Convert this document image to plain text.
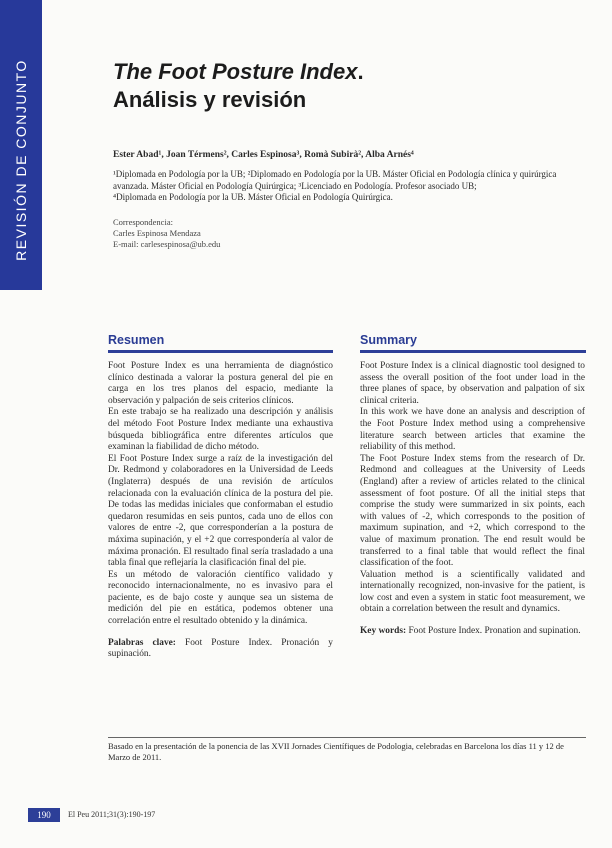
REVISIÓN DE CONJUNTO	The Foot Posture Index.
Análisis y revisión
Ester Abad¹, Joan Térmens², Carles Espinosa³, Romà Subirà², Alba Arnés⁴

¹Diplomada en Podología por la UB; ²Diplomado en Podología por la UB. Máster Oficial en Podología clínica y quirúrgica avanzada. Máster Oficial en Podología Quirúrgica; ³Licenciado en Podología. Profesor asociado UB;

⁴Diplomada en Podología por la UB. Máster Oficial en Podología Quirúrgica.

Correspondencia:

Carles Espinosa Mendaza

E-mail: carlesespinosa@ub.edu

Resumen	Summary

Foot Posture Index es una herramienta de diagnóstico clínico destinada a valorar la postura general del pie en carga en los tres planos del espacio, mediante la observación y palpación de seis criterios clínicos.

En este trabajo se ha realizado una descripción y análisis del método Foot Posture Index mediante una exhaustiva búsqueda bibliográfica entre diferentes artículos que examinan la fiabilidad de dicho método.

El Foot Posture Index surge a raíz de la investigación del Dr. Redmond y colaboradores en la Universidad de Leeds (Inglaterra) después de una revisión de artículos relacionada con la evaluación clínica de la postura del pie. De todas las medidas iniciales que conformaban el estudio quedaron resumidas en seis puntos, cada uno de ellos con valores de entre -2, que corresponderían a la postura de máxima supinación, y el +2 que correspondería al valor de máxima pronación. El resultado final sería trasladado a una tabla final que reflejaría la clasificación final del pie.

Es un método de valoración científico validado y reconocido internacionalmente, no es invasivo para el paciente, es de bajo coste y aunque sea un sistema de medición del pie en estática, podemos obtener una correlación entre el resultado obtenido y la dinámica.

Palabras clave: Foot Posture Index. Pronación y supinación.

Foot Posture Index is a clinical diagnostic tool designed to assess the overall position of the foot under load in the three planes of space, by observation and palpation of six clinical criteria.

In this work we have done an analysis and description of the Foot Posture Index method using a comprehensive literature search between articles that examine the reliability of this method.

The Foot Posture Index stems from the research of Dr. Redmond and colleagues at the University of Leeds (England) after a review of articles related to the clinical assessment of foot posture. Of all the initial steps that comprise the study were summarized in six points, each with values of -2, which corresponds to the position of maximum supination, and +2, which correspond to the value of maximum pronation. The end result would be transferred to a final table that would reflect the final classification of the foot.

Valuation method is a scientifically validated and internationally recognized, non-invasive for the patient, is low cost and even a system in static foot measurement, we obtain a correlation between the result and dynamics.

Key words: Foot Posture Index. Pronation and supination.

Basado en la presentación de la ponencia de las XVII Jornades Científiques de Podologia, celebradas en Barcelona los días 11 y 12 de Marzo de 2011.
190	El Peu 2011;31(3):190-197
